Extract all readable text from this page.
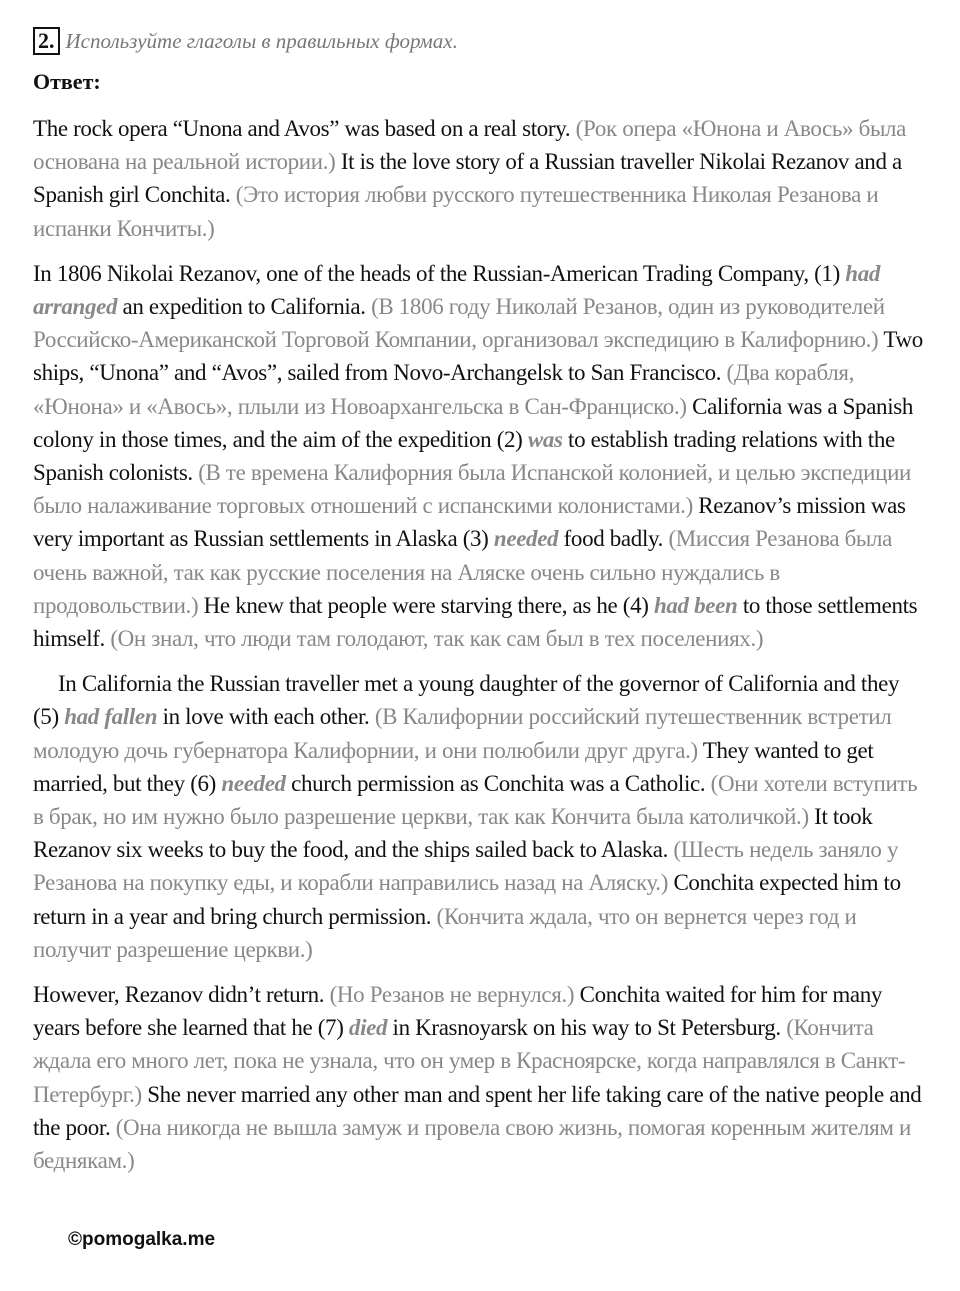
2. Используйте глаголы в правильных формах.
Ответ:

The rock opera “Unona and Avos” was based on a real story. (Рок опера «Юнона и Авось» была основана на реальной истории.) It is the love story of a Russian traveller Nikolai Rezanov and a Spanish girl Conchita. (Это история любви русского путешественника Николая Резанова и испанки Кончиты.)

In 1806 Nikolai Rezanov, one of the heads of the Russian-American Trading Company, (1) had arranged an expedition to California. (В 1806 году Николай Резанов, один из руководителей Российско-Американской Торговой Компании, организовал экспедицию в Калифорнию.) Two ships, “Unona” and “Avos”, sailed from Novo-Archangelsk to San Francisco. (Два корабля, «Юнона» и «Авось», плыли из Новоархангельска в Сан-Франциско.) California was a Spanish colony in those times, and the aim of the expedition (2) was to establish trading relations with the Spanish colonists. (В те времена Калифорния была Испанской колонией, и целью экспедиции было налаживание торговых отношений с испанскими колонистами.) Rezanov’s mission was very important as Russian settlements in Alaska (3) needed food badly. (Миссия Резанова была очень важной, так как русские поселения на Аляске очень сильно нуждались в продовольствии.) He knew that people were starving there, as he (4) had been to those settlements himself. (Он знал, что люди там голодают, так как сам был в тех поселениях.)

In California the Russian traveller met a young daughter of the governor of California and they (5) had fallen in love with each other. (В Калифорнии российский путешественник встретил молодую дочь губернатора Калифорнии, и они полюбили друг друга.) They wanted to get married, but they (6) needed church permission as Conchita was a Catholic. (Они хотели вступить в брак, но им нужно было разрешение церкви, так как Кончита была католичкой.) It took Rezanov six weeks to buy the food, and the ships sailed back to Alaska. (Шесть недель заняло у Резанова на покупку еды, и корабли направились назад на Аляску.) Conchita expected him to return in a year and bring church permission. (Кончита ждала, что он вернется через год и получит разрешение церкви.)

However, Rezanov didn’t return. (Но Резанов не вернулся.) Conchita waited for him for many years before she learned that he (7) died in Krasnoyarsk on his way to St Petersburg. (Кончита ждала его много лет, пока не узнала, что он умер в Красноярске, когда направлялся в Санкт-Петербург.) She never married any other man and spent her life taking care of the native people and the poor. (Она никогда не вышла замуж и провела свою жизнь, помогая коренным жителям и беднякам.)

©pomogalka.me
